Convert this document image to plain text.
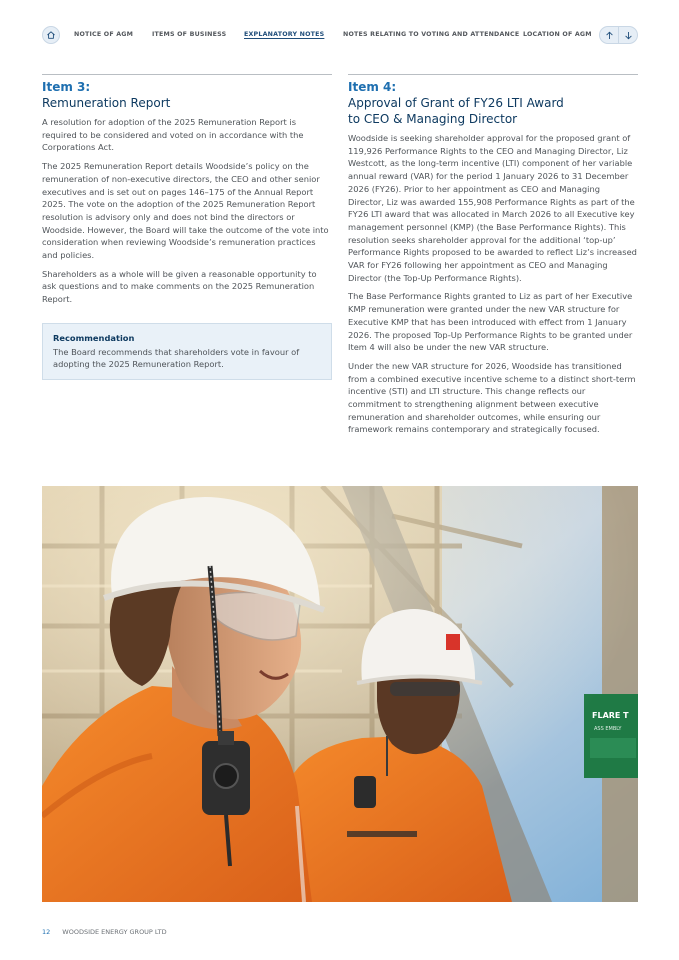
NOTICE OF AGM	ITEMS OF BUSINESS	EXPLANATORY NOTES	NOTES RELATING TO VOTING AND ATTENDANCE LOCATION OF AGM
Item 3:
Remuneration Report

A resolution for adoption of the 2025 Remuneration Report is required to be considered and voted on in accordance with the Corporations Act.

The 2025 Remuneration Report details Woodside’s policy on the remuneration of non-executive directors, the CEO and other senior executives and is set out on pages 146–175 of the Annual Report 2025. The vote on the adoption of the 2025 Remuneration Report resolution is advisory only and does not bind the directors or Woodside. However, the Board will take the outcome of the vote into consideration when reviewing Woodside’s remuneration practices and policies.

Shareholders as a whole will be given a reasonable opportunity to ask questions and to make comments on the 2025 Remuneration Report.

Recommendation
The Board recommends that shareholders vote in favour of adopting the 2025 Remuneration Report.
Item 4:
Approval of Grant of FY26 LTI Award to CEO & Managing Director

Woodside is seeking shareholder approval for the proposed grant of 119,926 Performance Rights to the CEO and Managing Director, Liz Westcott, as the long-term incentive (LTI) component of her variable annual reward (VAR) for the period 1 January 2026 to 31 December 2026 (FY26). Prior to her appointment as CEO and Managing Director, Liz was awarded 155,908 Performance Rights as part of the FY26 LTI award that was allocated in March 2026 to all Executive key management personnel (KMP) (the Base Performance Rights). This resolution seeks shareholder approval for the additional ‘top-up’ Performance Rights proposed to be awarded to reflect Liz’s increased VAR for FY26 following her appointment as CEO and Managing Director (the Top-Up Performance Rights).

The Base Performance Rights granted to Liz as part of her Executive KMP remuneration were granted under the new VAR structure for Executive KMP that has been introduced with effect from 1 January 2026. The proposed Top-Up Performance Rights to be granted under Item 4 will also be under the new VAR structure.

Under the new VAR structure for 2026, Woodside has transitioned from a combined executive incentive scheme to a distinct short-term incentive (STI) and LTI structure. This change reflects our commitment to strengthening alignment between executive remuneration and shareholder outcomes, while ensuring our framework remains contemporary and strategically focused.

12 WOODSIDE ENERGY GROUP LTD
